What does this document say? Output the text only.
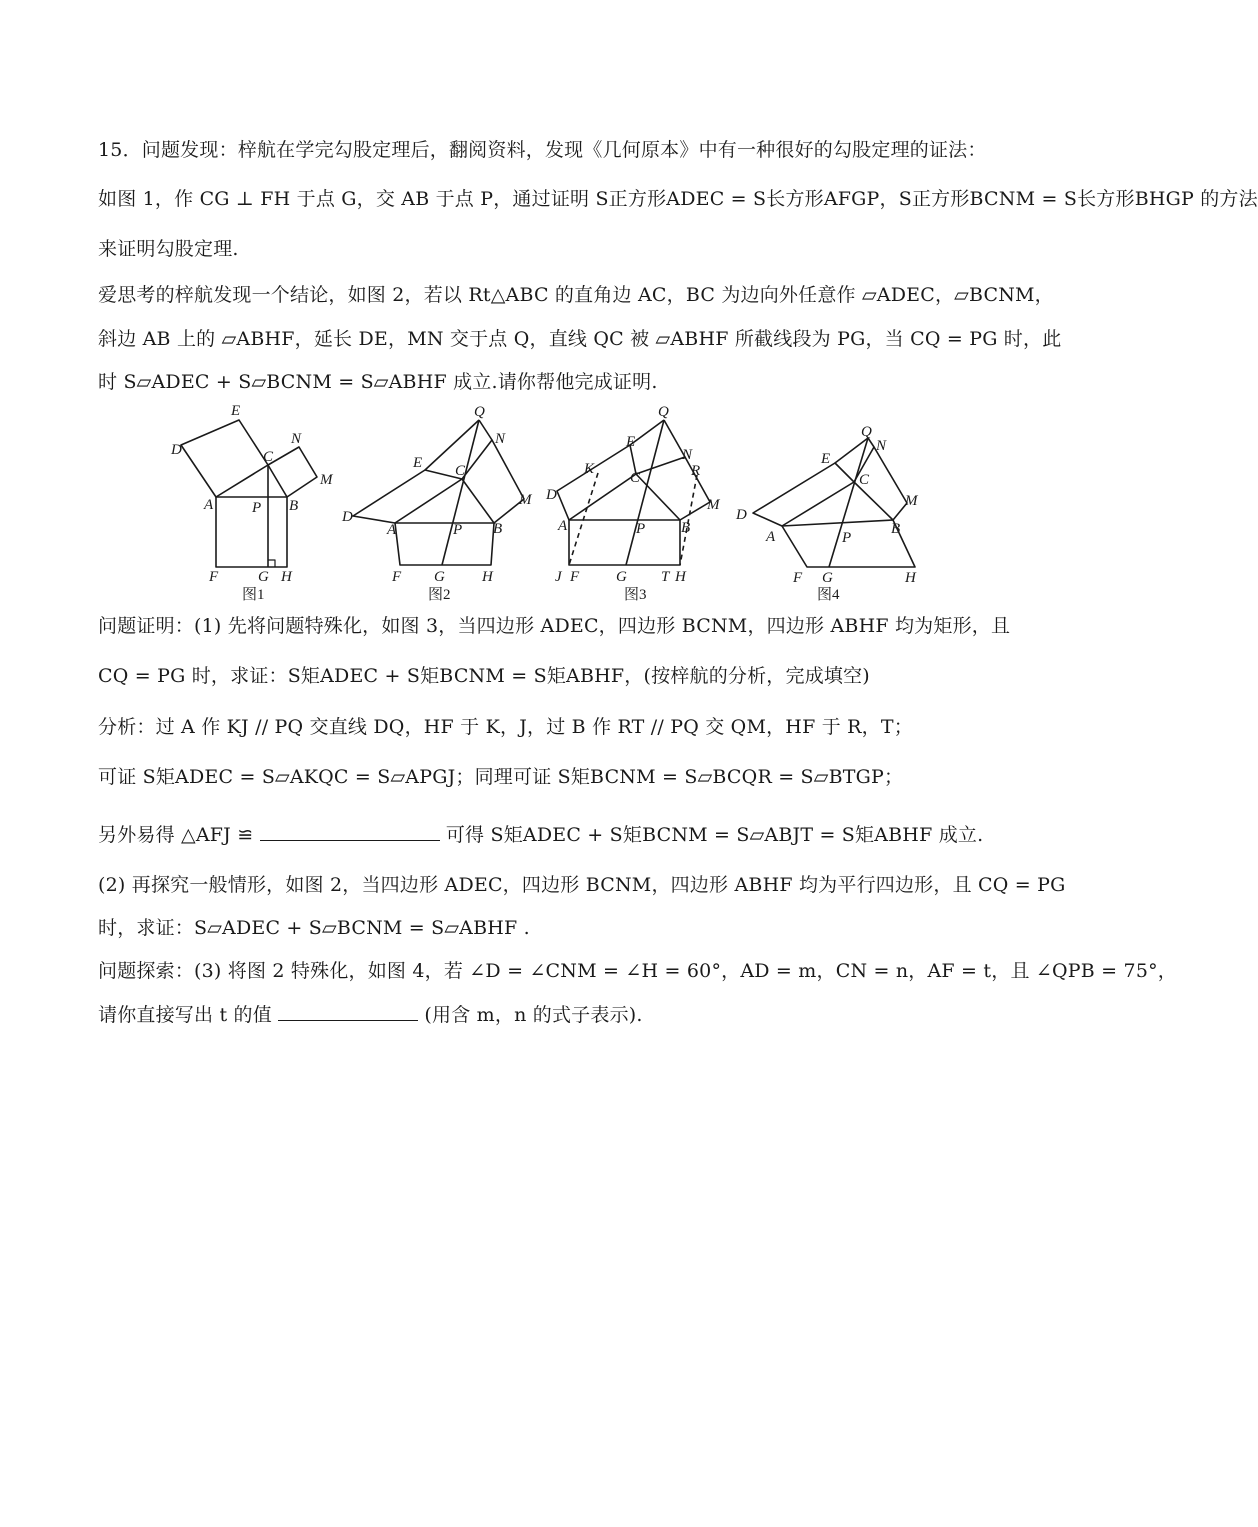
15．问题发现：梓航在学完勾股定理后，翻阅资料，发现《几何原本》中有一种很好的勾股定理的证法：
如图 1，作 CG ⊥ FH 于点 G，交 AB 于点 P，通过证明 S正方形ADEC = S长方形AFGP，S正方形BCNM = S长方形BHGP 的方法
来证明勾股定理.
爱思考的梓航发现一个结论，如图 2，若以 Rt△ABC 的直角边 AC，BC 为边向外任意作 ▱ADEC，▱BCNM，
斜边 AB 上的 ▱ABHF，延长 DE，MN 交于点 Q，直线 QC 被 ▱ABHF 所截线段为 PG，当 CQ = PG 时，此
时 S▱ADEC + S▱BCNM = S▱ABHF 成立.请你帮他完成证明.
E
D	C
N
M
A	P B
F	G H
图1
Q
N
E C
M
D
A	P B
F G H
图2
Q
E
N
K	R
C
D
M
A	P B
J F G T H
图3
Q
N
E
C
M
D
B
A	P
F G	H
图4
问题证明：(1) 先将问题特殊化，如图 3，当四边形 ADEC，四边形 BCNM，四边形 ABHF 均为矩形，且
CQ = PG 时，求证：S矩ADEC + S矩BCNM = S矩ABHF，(按梓航的分析，完成填空)
分析：过 A 作 KJ // PQ 交直线 DQ，HF 于 K，J，过 B 作 RT // PQ 交 QM，HF 于 R，T；
可证 S矩ADEC = S▱AKQC = S▱APGJ；同理可证 S矩BCNM = S▱BCQR = S▱BTGP；
另外易得 △AFJ ≌	可得 S矩ADEC + S矩BCNM = S▱ABJT = S矩ABHF 成立.
(2) 再探究一般情形，如图 2，当四边形 ADEC，四边形 BCNM，四边形 ABHF 均为平行四边形，且 CQ = PG
时，求证：S▱ADEC + S▱BCNM = S▱ABHF .
问题探索：(3) 将图 2 特殊化，如图 4，若 ∠D = ∠CNM = ∠H = 60°，AD = m，CN = n，AF = t，且 ∠QPB = 75°，
请你直接写出 t 的值	(用含 m，n 的式子表示).
